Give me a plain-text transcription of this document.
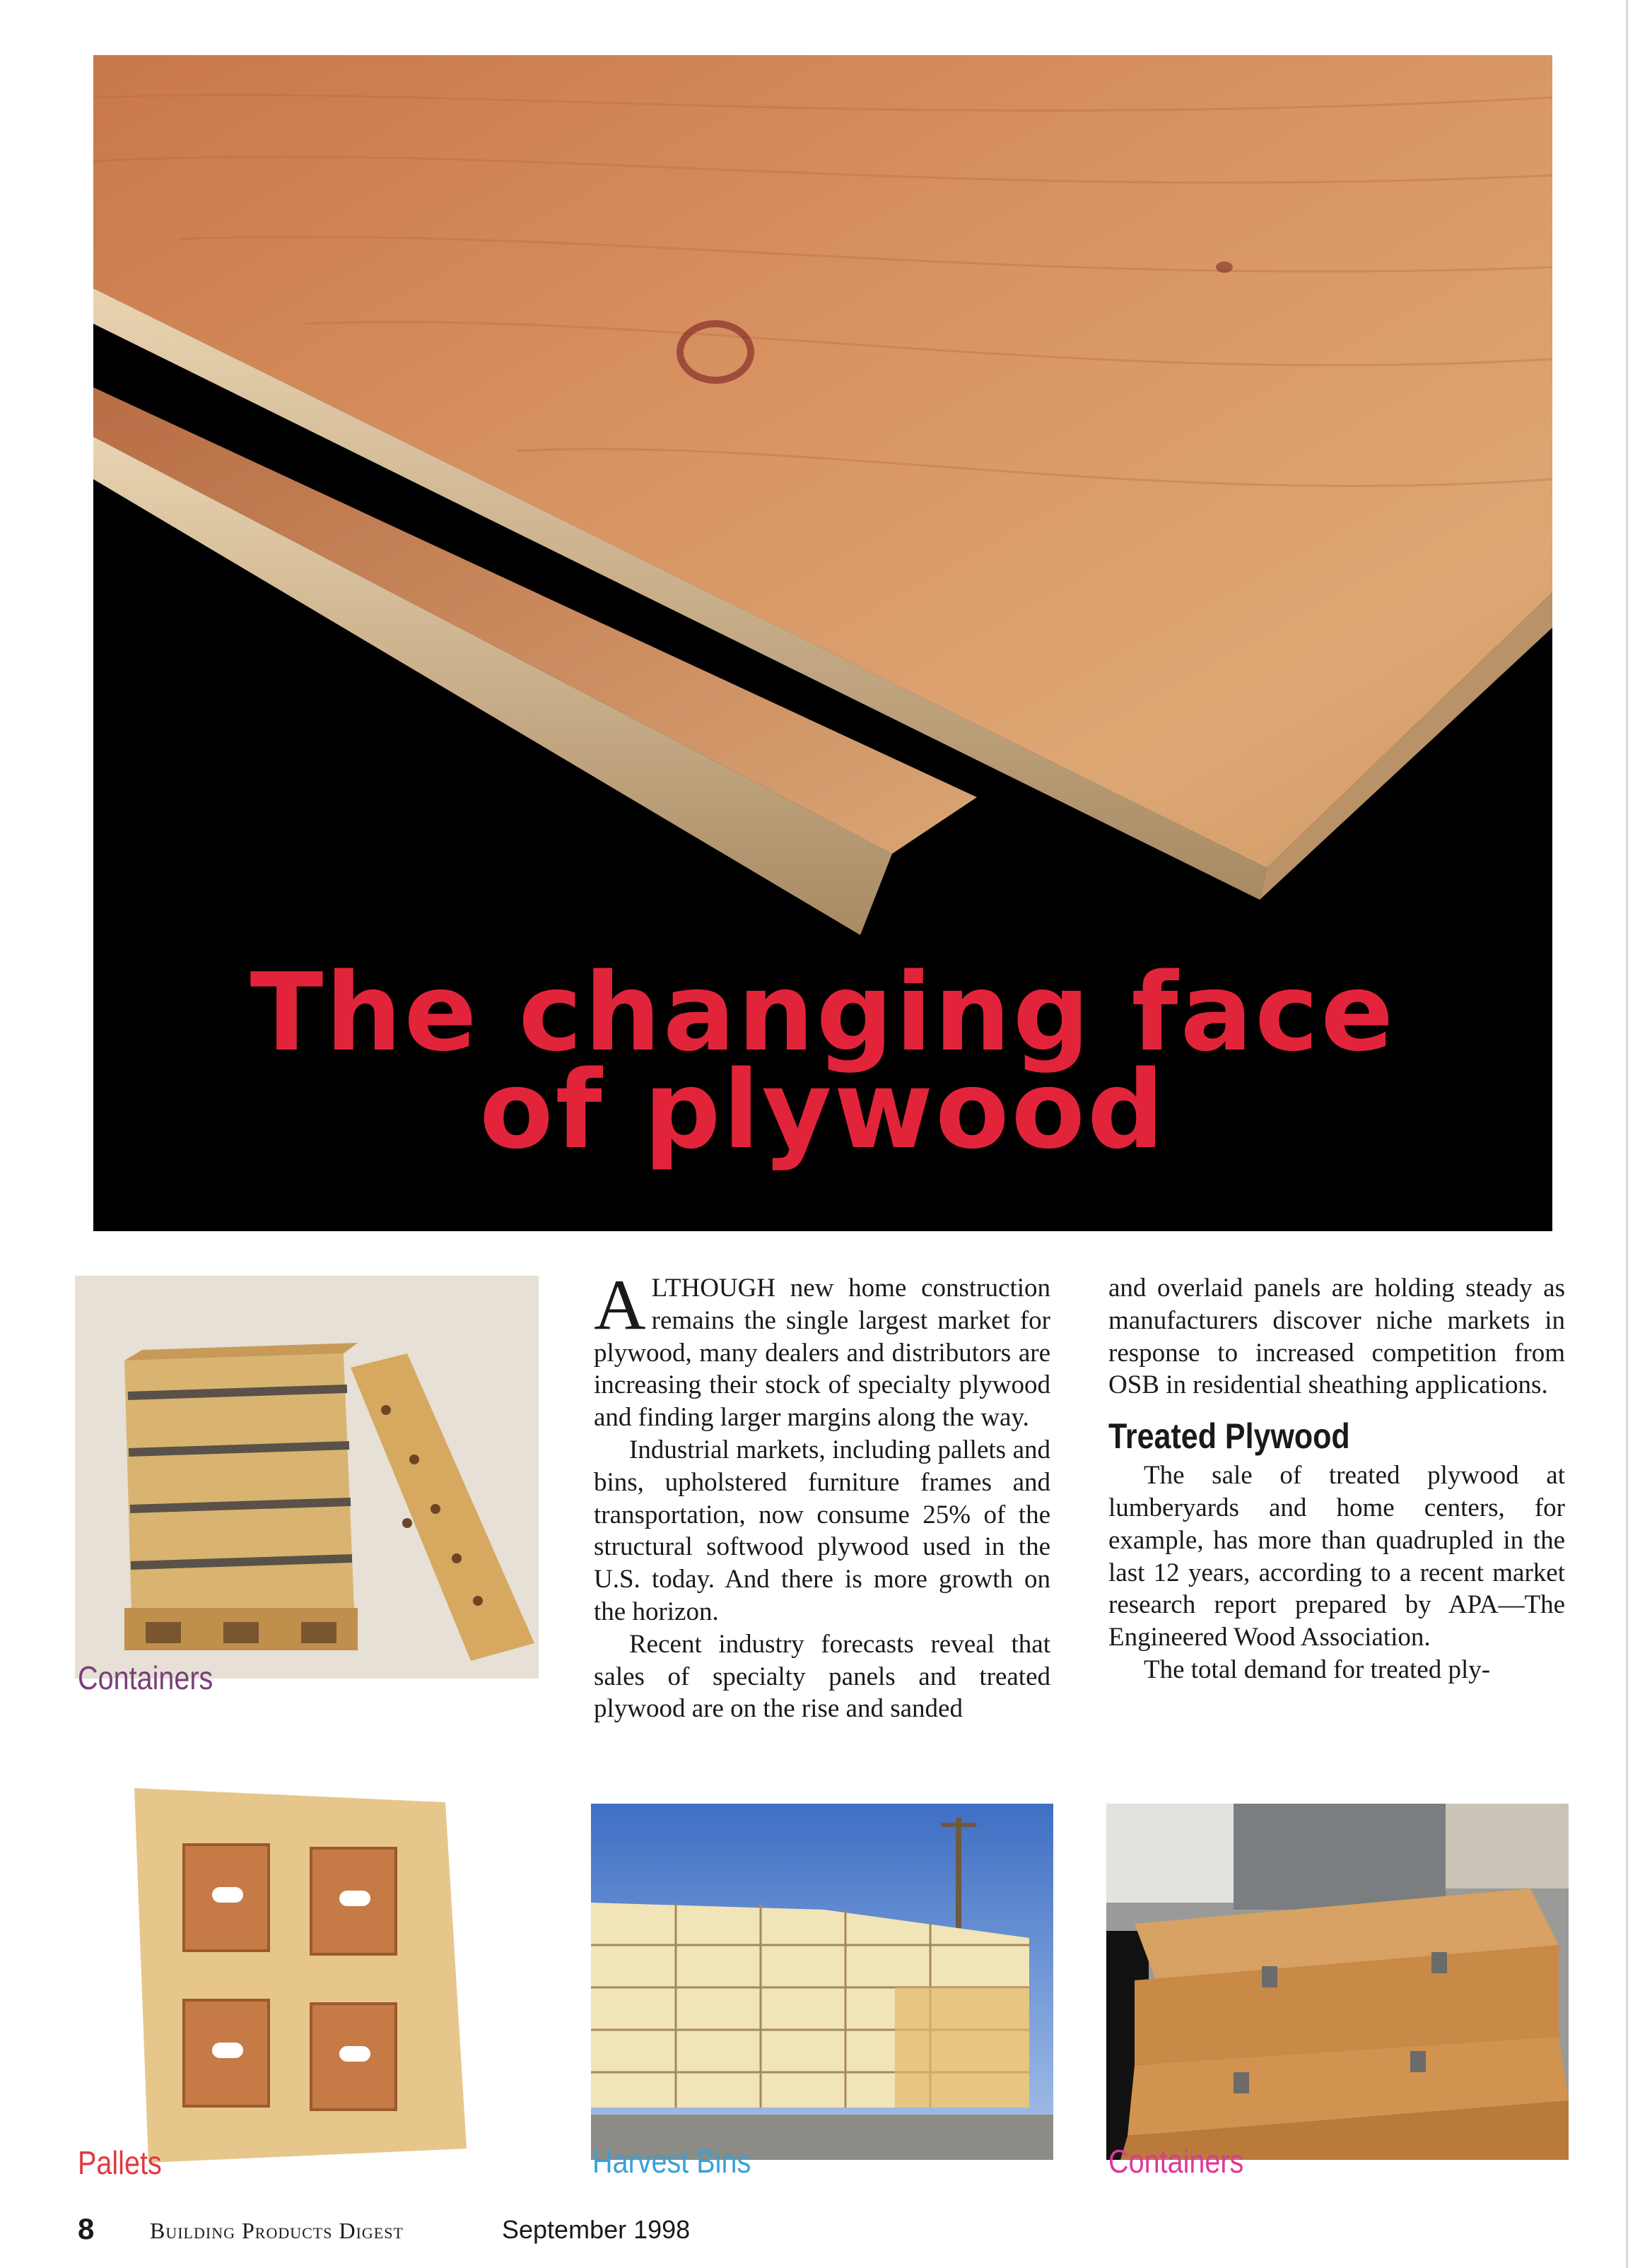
The changing face
of plywood
Containers
Pallets

ALTHOUGH new home construction remains the single largest market for plywood, many dealers and distributors are increasing their stock of specialty plywood and finding larger margins along the way.

Industrial markets, including pallets and bins, upholstered furniture frames and transportation, now consume 25% of the structural softwood plywood used in the U.S. today. And there is more growth on the horizon.

Recent industry forecasts reveal that sales of specialty panels and treated plywood are on the rise and sanded

and overlaid panels are holding steady as manufacturers discover niche markets in response to increased competition from OSB in residential sheathing applications.

Treated Plywood

The sale of treated plywood at lumberyards and home centers, for example, has more than quadrupled in the last 12 years, according to a recent market research report prepared by APA—The Engineered Wood Association.

The total demand for treated ply-

Harvest Bins	Containers
8 Building Products Digest	September 1998
